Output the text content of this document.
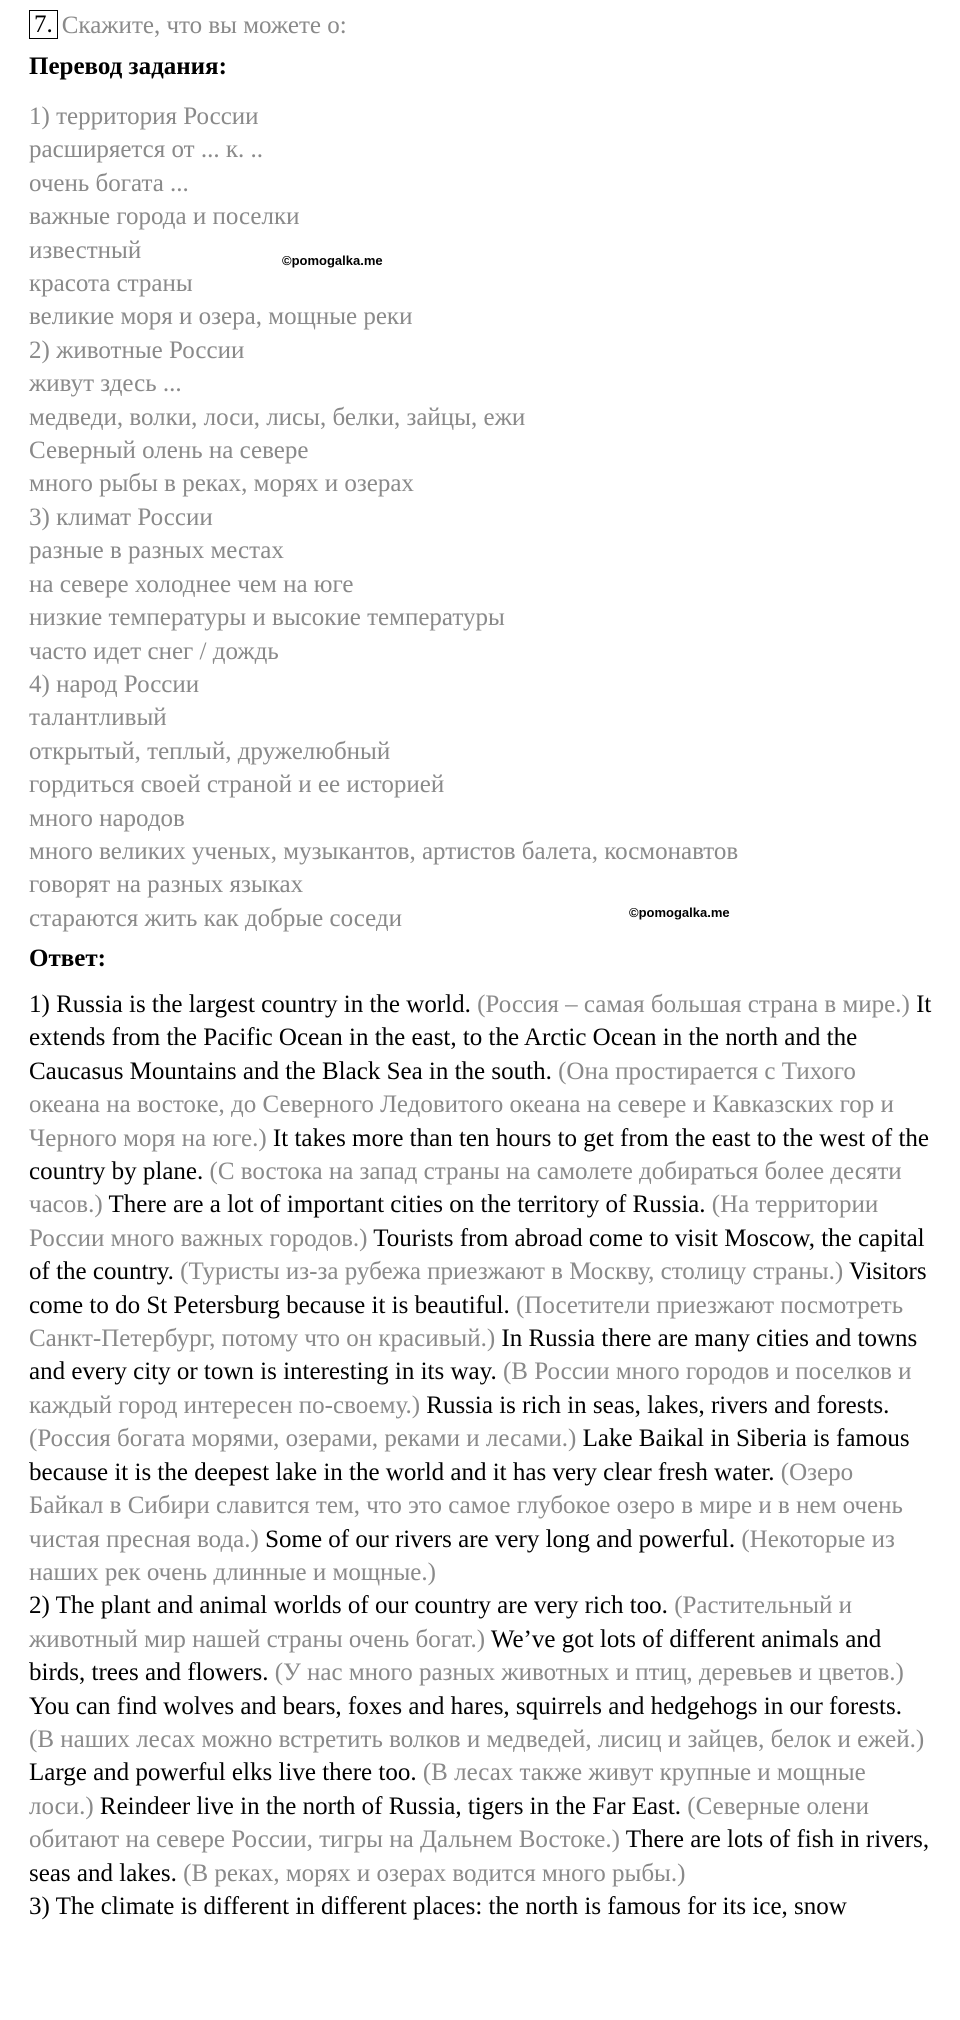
7. Скажите, что вы можете о:
Перевод задания:
1) территория России
расширяется от ... к. ..
очень богата ...
важные города и поселки
известный
красота страны
великие моря и озера, мощные реки
2) животные России
живут здесь ...
медведи, волки, лоси, лисы, белки, зайцы, ежи
Северный олень на севере
много рыбы в реках, морях и озерах
3) климат России
разные в разных местах
на севере холоднее чем на юге
низкие температуры и высокие температуры
часто идет снег / дождь
4) народ России
талантливый
открытый, теплый, дружелюбный
гордиться своей страной и ее историей
много народов
много великих ученых, музыкантов, артистов балета, космонавтов
говорят на разных языках
стараются жить как добрые соседи
©pomogalka.me
©pomogalka.me
Ответ:

1) Russia is the largest country in the world. (Россия – самая большая страна в мире.) It extends from the Pacific Ocean in the east, to the Arctic Ocean in the north and the Caucasus Mountains and the Black Sea in the south. (Она простирается с Тихого океана на востоке, до Северного Ледовитого океана на севере и Кавказских гор и Черного моря на юге.) It takes more than ten hours to get from the east to the west of the country by plane. (С востока на запад страны на самолете добираться более десяти часов.) There are a lot of important cities on the territory of Russia. (На территории России много важных городов.) Tourists from abroad come to visit Moscow, the capital of the country. (Туристы из-за рубежа приезжают в Москву, столицу страны.) Visitors come to do St Petersburg because it is beautiful. (Посетители приезжают посмотреть Санкт-Петербург, потому что он красивый.) In Russia there are many cities and towns and every city or town is interesting in its way. (В России много городов и поселков и каждый город интересен по-своему.) Russia is rich in seas, lakes, rivers and forests. (Россия богата морями, озерами, реками и лесами.) Lake Baikal in Siberia is famous because it is the deepest lake in the world and it has very clear fresh water. (Озеро Байкал в Сибири славится тем, что это самое глубокое озеро в мире и в нем очень чистая пресная вода.) Some of our rivers are very long and powerful. (Некоторые из наших рек очень длинные и мощные.)

2) The plant and animal worlds of our country are very rich too. (Растительный и животный мир нашей страны очень богат.) We’ve got lots of different animals and birds, trees and flowers. (У нас много разных животных и птиц, деревьев и цветов.) You can find wolves and bears, foxes and hares, squirrels and hedgehogs in our forests. (В наших лесах можно встретить волков и медведей, лисиц и зайцев, белок и ежей.) Large and powerful elks live there too. (В лесах также живут крупные и мощные лоси.) Reindeer live in the north of Russia, tigers in the Far East. (Северные олени обитают на севере России, тигры на Дальнем Востоке.) There are lots of fish in rivers, seas and lakes. (В реках, морях и озерах водится много рыбы.)

3) The climate is different in different places: the north is famous for its ice, snow
